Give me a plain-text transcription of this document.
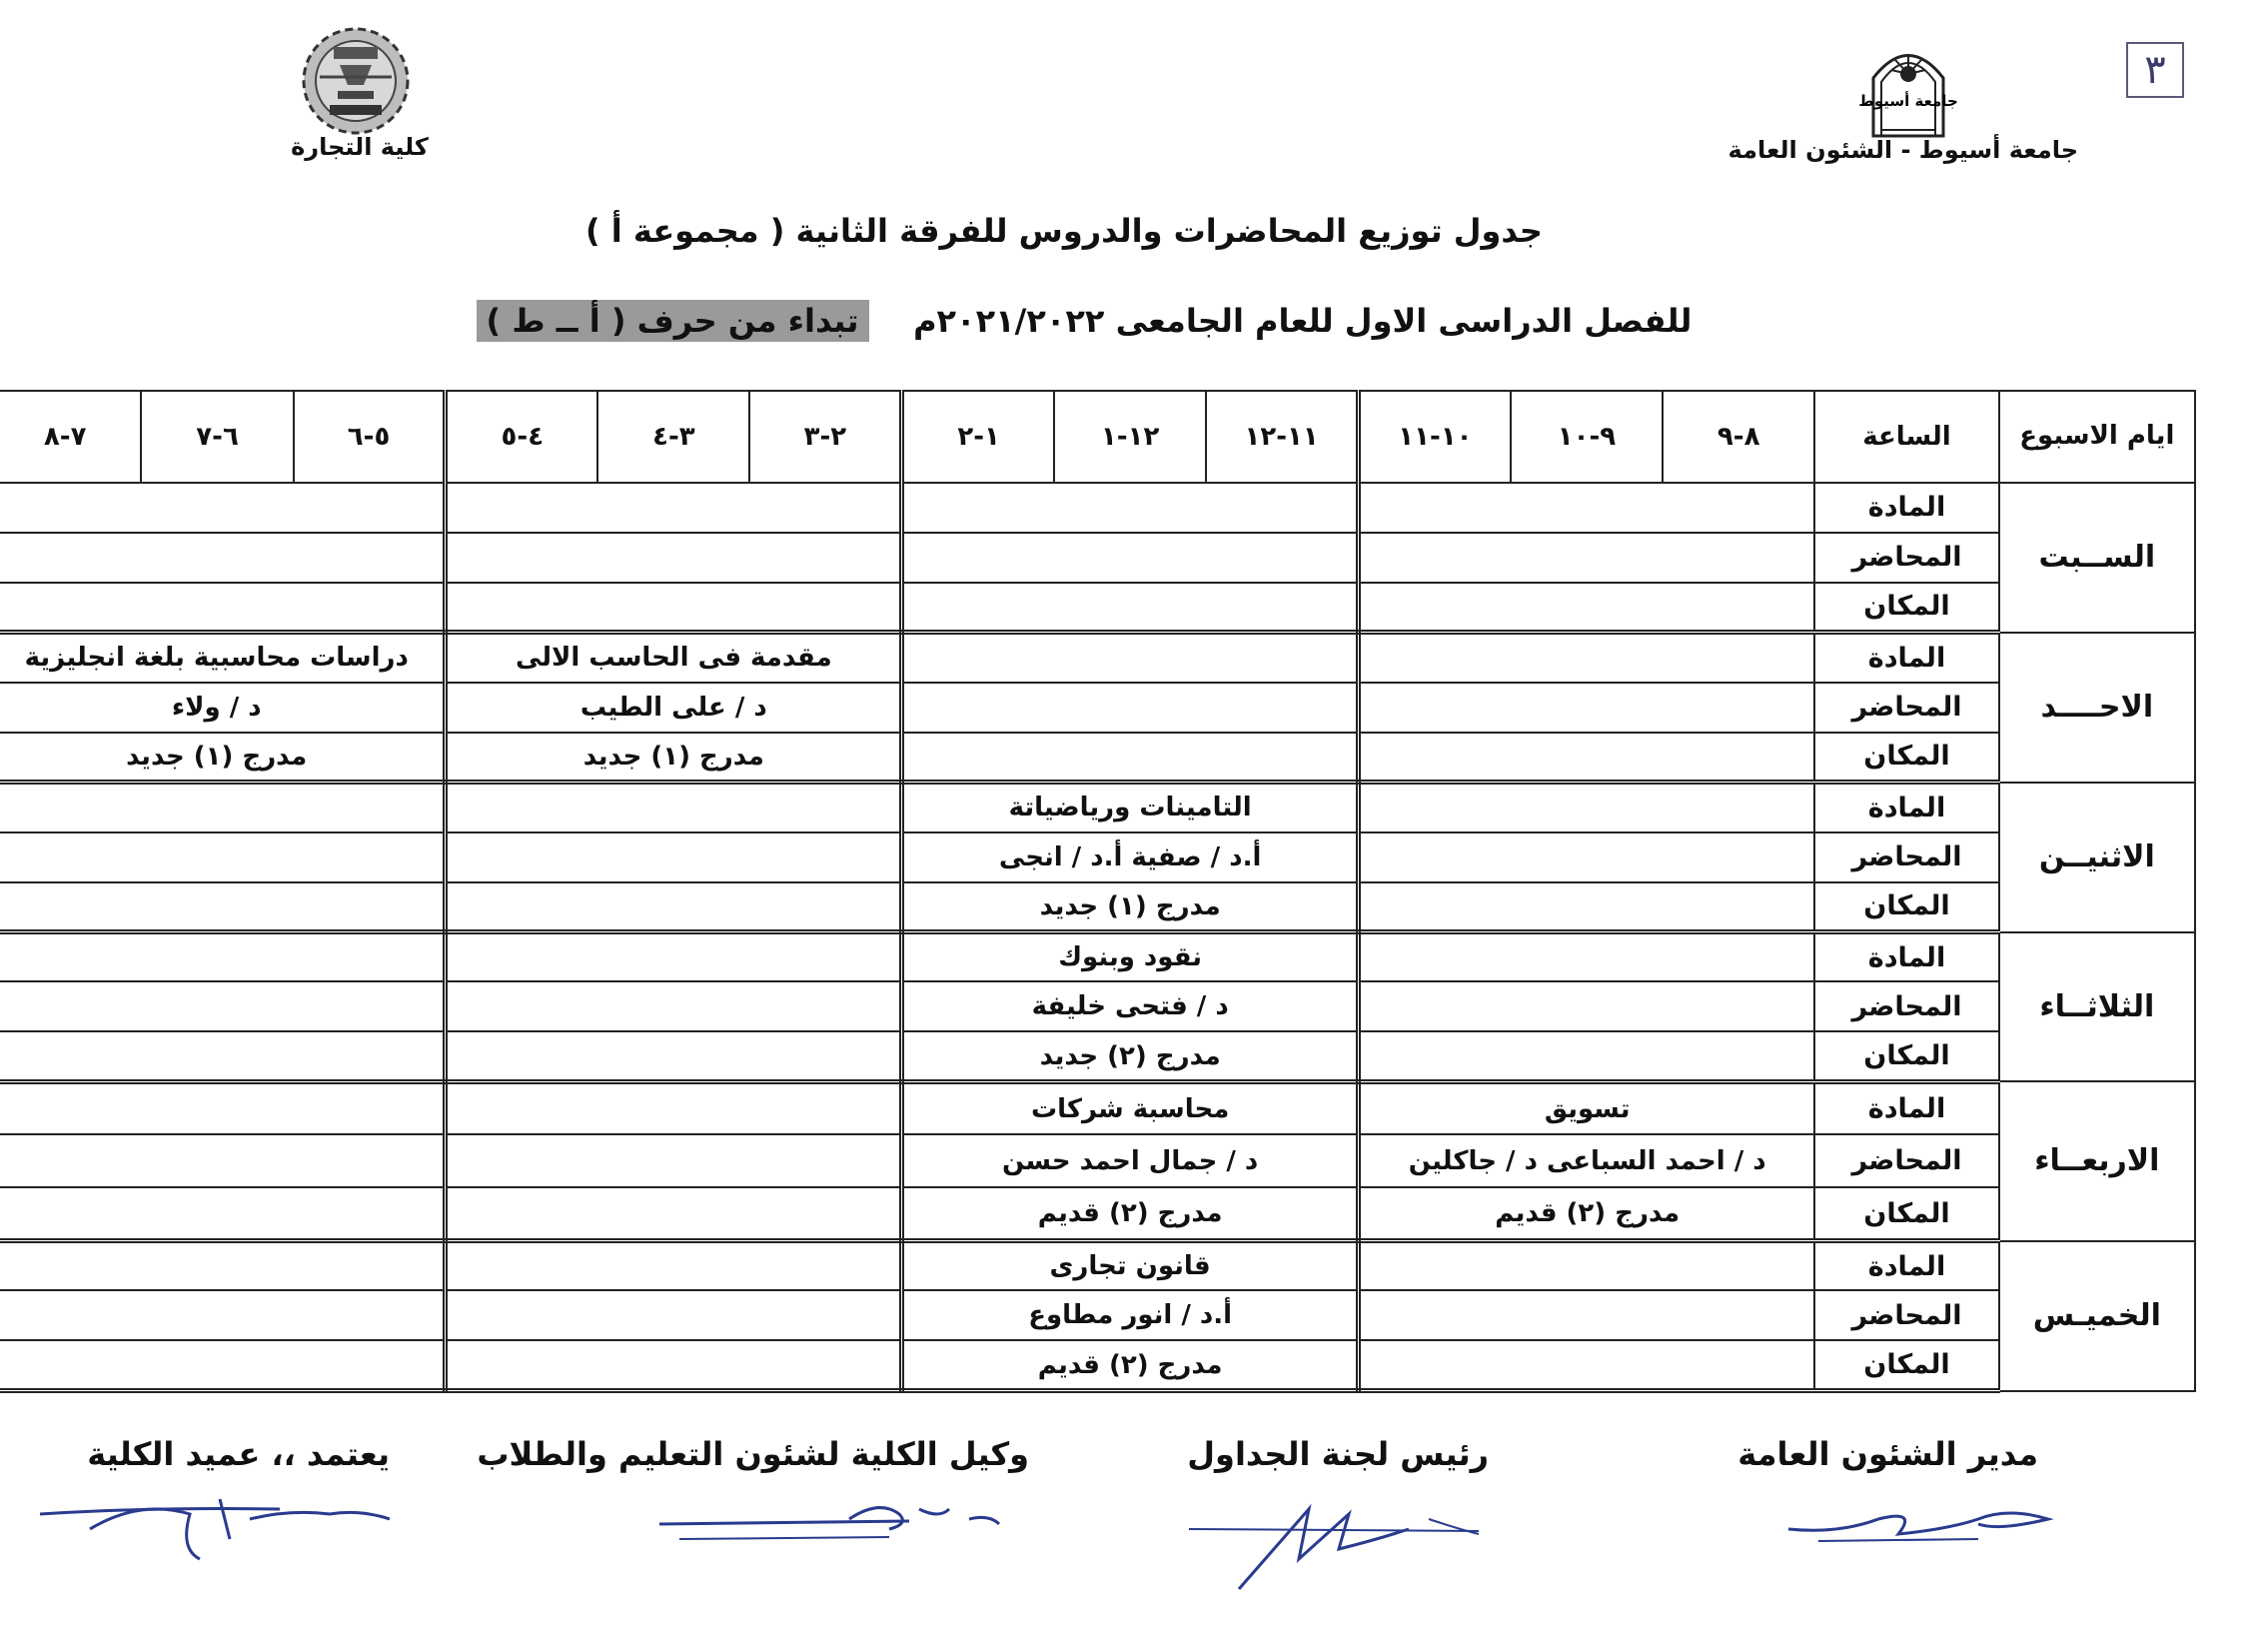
٣
جامعة أسيوط
جامعة أسيوط - الشئون العامة
كلية التجارة
جدول توزيع المحاضرات والدروس للفرقة الثانية ( مجموعة أ )
للفصل الدراسى الاول للعام الجامعى ٢٠٢١/٢٠٢٢م    تبداء من حرف ( أ ــ ط )
ايام الاسبوع	الساعة	٨-٩	٩-١٠	١٠-١١	١١-١٢	١٢-١	١-٢	٢-٣	٣-٤	٤-٥	٥-٦	٦-٧	٧-٨
الســبت	المادة												
	المحاضر												
	المكان												
الاحــــد	المادة							مقدمة فى الحاسب الالى			دراسات محاسبية بلغة انجليزية		
	المحاضر							د / على الطيب			د / ولاء		
	المكان							مدرج (١) جديد			مدرج (١) جديد		
الاثنيــن	المادة				التامينات ورياضياتة								
	المحاضر				أ.د / صفية أ.د / انجى								
	المكان				مدرج (١) جديد								
الثلاثــاء	المادة				نقود وبنوك								
	المحاضر				د / فتحى خليفة								
	المكان				مدرج (٢) جديد								
الاربعــاء	المادة	تسويق			محاسبة شركات								
	المحاضر	د / احمد السباعى د / جاكلين			د / جمال احمد حسن								
	المكان	مدرج (٢) قديم			مدرج (٢) قديم								
الخميـس	المادة				قانون تجارى								
	المحاضر				أ.د / انور مطاوع								
	المكان				مدرج (٢) قديم								
مدير الشئون العامة
رئيس لجنة الجداول
وكيل الكلية لشئون التعليم والطلاب
يعتمد ،، عميد الكلية
